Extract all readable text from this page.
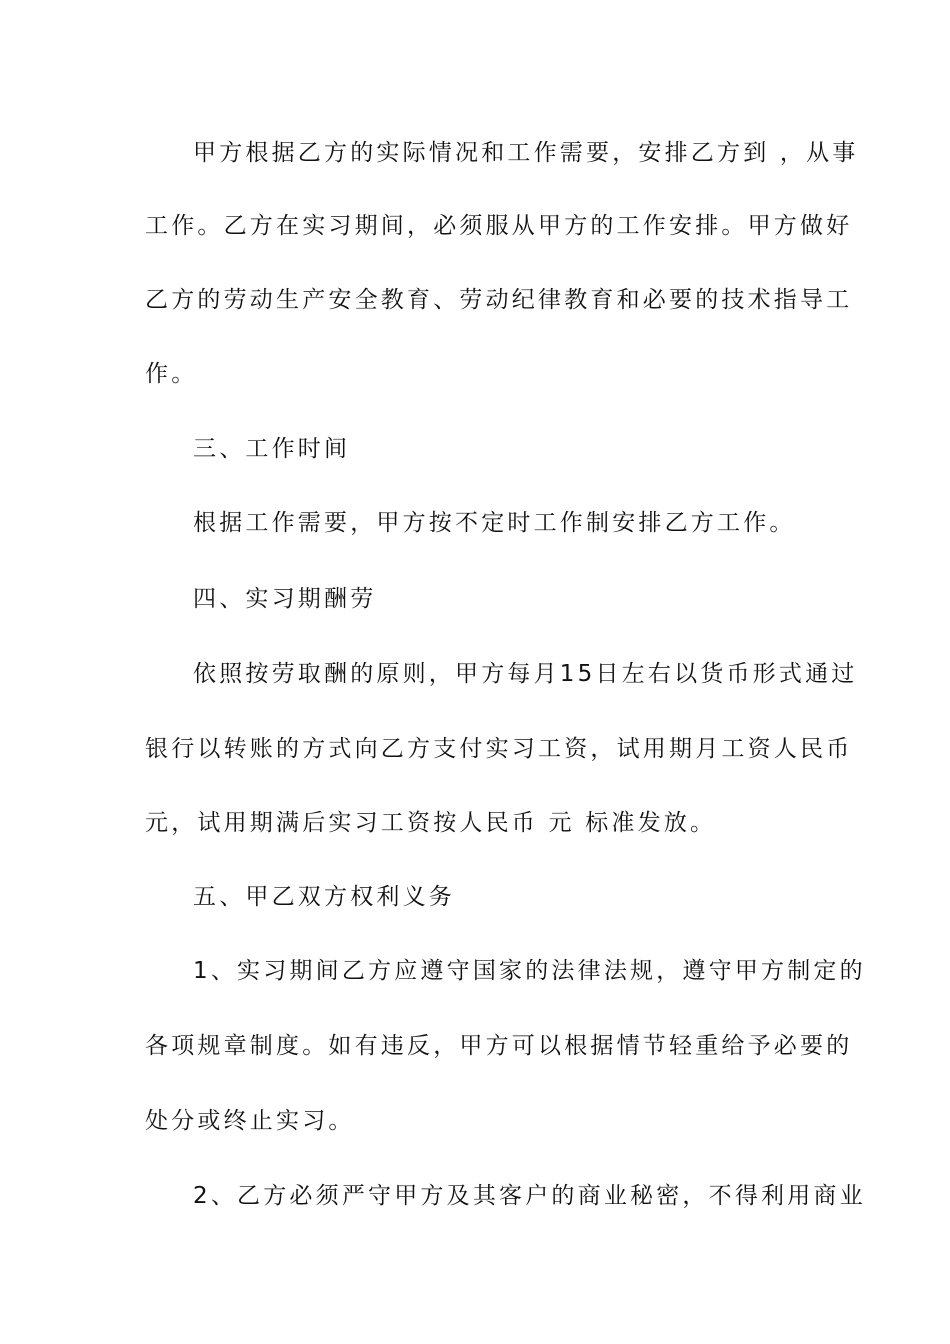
甲方根据乙方的实际情况和工作需要，安排乙方到 ，从事
工作。乙方在实习期间，必须服从甲方的工作安排。甲方做好
乙方的劳动生产安全教育、劳动纪律教育和必要的技术指导工
作。
三、工作时间
根据工作需要，甲方按不定时工作制安排乙方工作。
四、实习期酬劳
依照按劳取酬的原则，甲方每月15日左右以货币形式通过
银行以转账的方式向乙方支付实习工资，试用期月工资人民币
元，试用期满后实习工资按人民币 元 标准发放。
五、甲乙双方权利义务
1、实习期间乙方应遵守国家的法律法规，遵守甲方制定的
各项规章制度。如有违反，甲方可以根据情节轻重给予必要的
处分或终止实习。
2、乙方必须严守甲方及其客户的商业秘密，不得利用商业
